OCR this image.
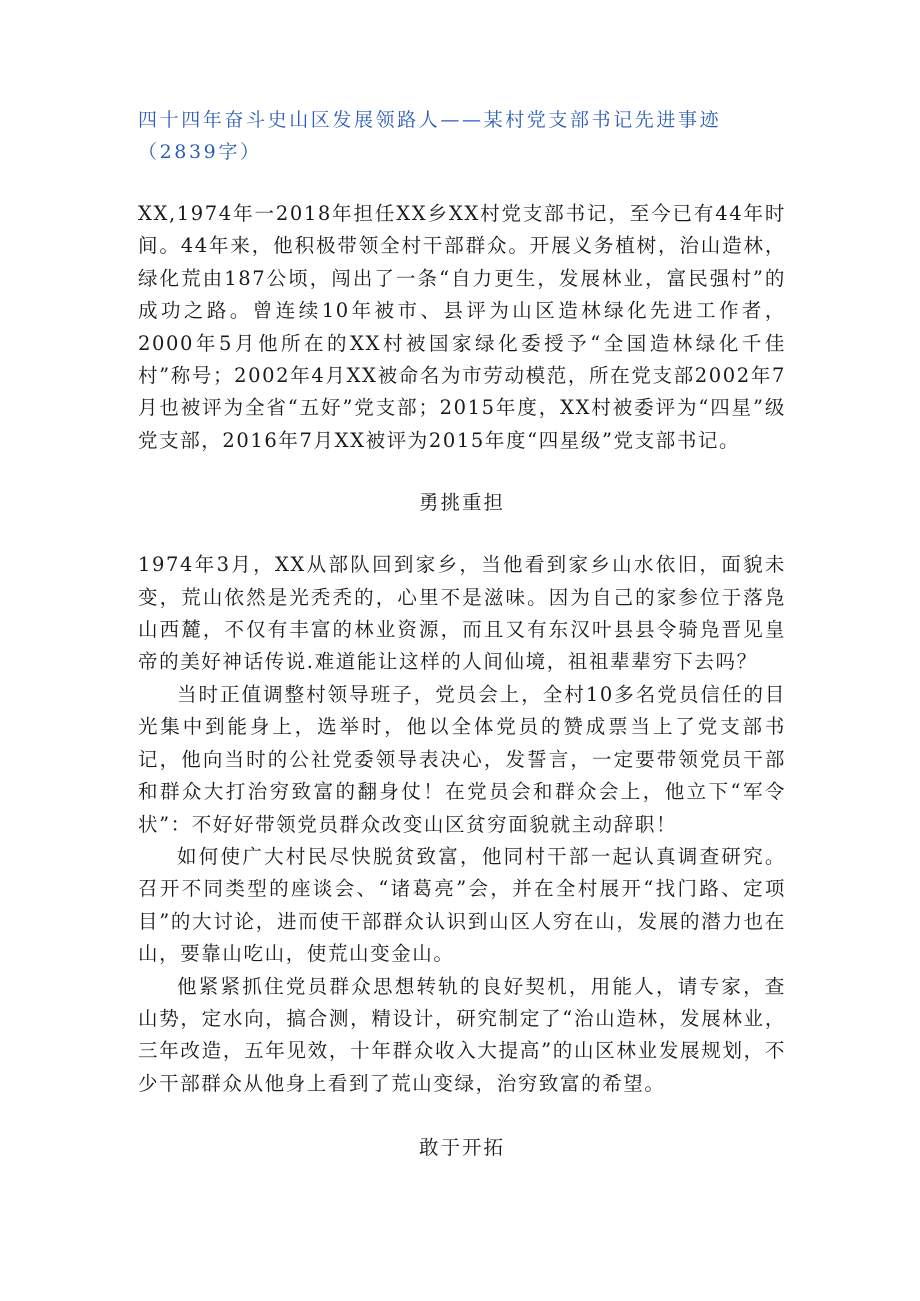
四十四年奋斗史山区发展领路人——某村党支部书记先进事迹（2839字）

XX,1974年一2018年担任XX乡XX村党支部书记，至今已有44年时间。44年来，他积极带领全村干部群众。开展义务植树，治山造林，绿化荒由187公顷，闯出了一条“自力更生，发展林业，富民强村”的成功之路。曾连续10年被市、县评为山区造林绿化先进工作者，2000年5月他所在的XX村被国家绿化委授予“全国造林绿化千佳村”称号；2002年4月XX被命名为市劳动模范，所在党支部2002年7月也被评为全省“五好”党支部；2015年度，XX村被委评为“四星”级党支部，2016年7月XX被评为2015年度“四星级”党支部书记。

勇挑重担

1974年3月，XX从部队回到家乡，当他看到家乡山水依旧，面貌未变，荒山依然是光秃秃的，心里不是滋味。因为自己的家参位于落凫山西麓，不仅有丰富的林业资源，而且又有东汉叶县县令骑凫晋见皇帝的美好神话传说.难道能让这样的人间仙境，祖祖辈辈穷下去吗？

当时正值调整村领导班子，党员会上，全村10多名党员信任的目光集中到能身上，选举时，他以全体党员的赞成票当上了党支部书记，他向当时的公社党委领导表决心，发誓言，一定要带领党员干部和群众大打治穷致富的翻身仗！在党员会和群众会上，他立下“军令状”：不好好带领党员群众改变山区贫穷面貌就主动辞职！

如何使广大村民尽快脱贫致富，他同村干部一起认真调查研究。召开不同类型的座谈会、“诸葛亮”会，并在全村展开“找门路、定项目”的大讨论，进而使干部群众认识到山区人穷在山，发展的潜力也在山，要靠山吃山，使荒山变金山。

他紧紧抓住党员群众思想转轨的良好契机，用能人，请专家，查山势，定水向，搞合测，精设计，研究制定了“治山造林，发展林业，三年改造，五年见效，十年群众收入大提高”的山区林业发展规划，不少干部群众从他身上看到了荒山变绿，治穷致富的希望。

敢于开拓
